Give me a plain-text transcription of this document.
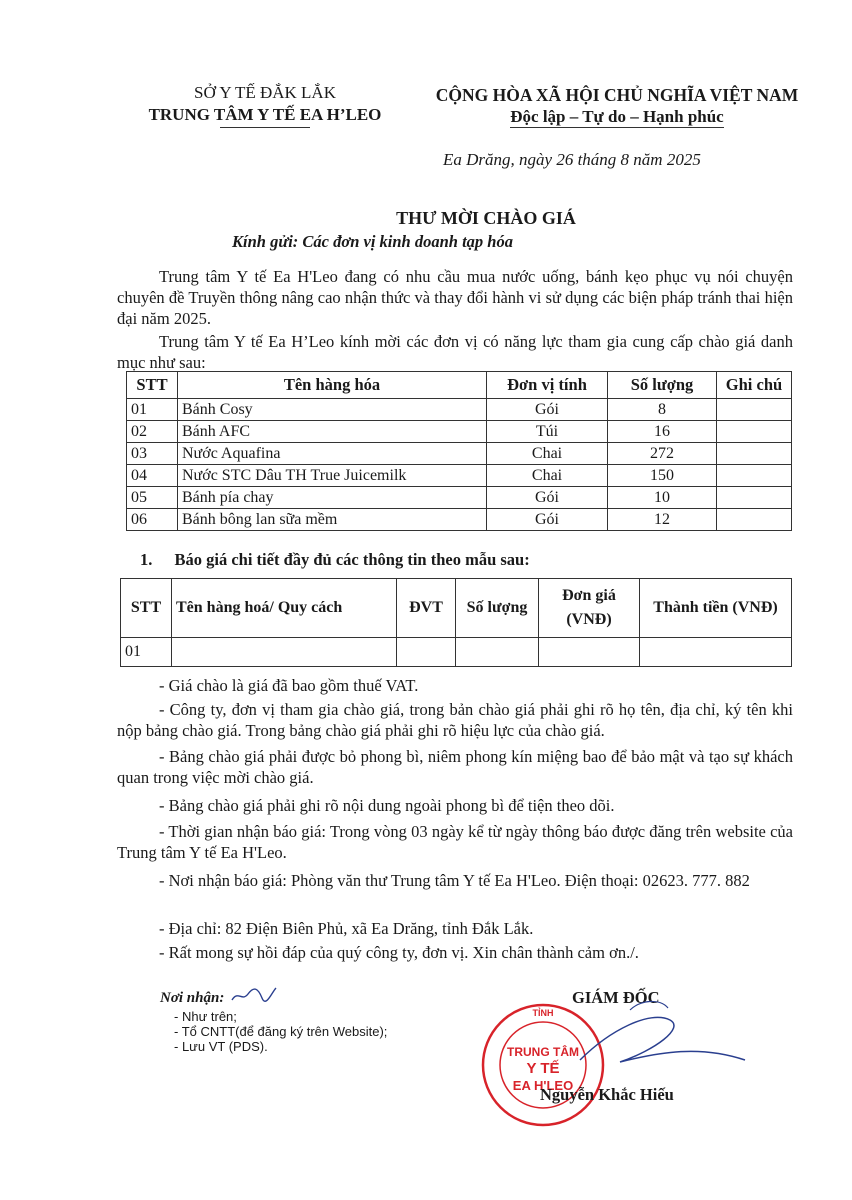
SỞ Y TẾ ĐẮK LẮK
TRUNG TÂM Y TẾ EA H’LEO
CỘNG HÒA XÃ HỘI CHỦ NGHĨA VIỆT NAM
Độc lập – Tự do – Hạnh phúc
Ea Drăng, ngày 26 tháng 8 năm 2025
THƯ MỜI CHÀO GIÁ
Kính gửi: Các đơn vị kinh doanh tạp hóa
Trung tâm Y tế Ea H'Leo đang có nhu cầu mua nước uống, bánh kẹo phục vụ nói chuyện chuyên đề Truyền thông nâng cao nhận thức và thay đổi hành vi sử dụng các biện pháp tránh thai hiện đại năm 2025.
Trung tâm Y tế Ea H’Leo kính mời các đơn vị có năng lực tham gia cung cấp chào giá danh mục như sau:
STT	Tên hàng hóa	Đơn vị tính	Số lượng	Ghi chú
01	Bánh Cosy	Gói	8	
02	Bánh AFC	Túi	16	
03	Nước Aquafina	Chai	272	
04	Nước STC Dâu TH True Juicemilk	Chai	150	
05	Bánh pía chay	Gói	10	
06	Bánh bông lan sữa mềm	Gói	12	
1. Báo giá chi tiết đầy đủ các thông tin theo mẫu sau:
STT	Tên hàng hoá/ Quy cách	ĐVT	Số lượng	Đơn giá (VNĐ)	Thành tiền (VNĐ)
01					
- Giá chào là giá đã bao gồm thuế VAT.
- Công ty, đơn vị tham gia chào giá, trong bản chào giá phải ghi rõ họ tên, địa chỉ, ký tên khi nộp bảng chào giá. Trong bảng chào giá phải ghi rõ hiệu lực của chào giá.
- Bảng chào giá phải được bỏ phong bì, niêm phong kín miệng bao để bảo mật và tạo sự khách quan trong việc mời chào giá.
- Bảng chào giá phải ghi rõ nội dung ngoài phong bì để tiện theo dõi.
- Thời gian nhận báo giá: Trong vòng 03 ngày kể từ ngày thông báo được đăng trên website của Trung tâm Y tế Ea H'Leo.
- Nơi nhận báo giá: Phòng văn thư Trung tâm Y tế Ea H'Leo. Điện thoại: 02623. 777. 882
- Địa chỉ: 82 Điện Biên Phủ, xã Ea Drăng, tỉnh Đắk Lắk.
- Rất mong sự hồi đáp của quý công ty, đơn vị. Xin chân thành cảm ơn./.
Nơi nhận:
- Như trên;
- Tổ CNTT(để đăng ký trên Website);
- Lưu VT (PDS).
GIÁM ĐỐC
TRUNG TÂM
Y TẾ
EA H'LEO
TỈNH
Nguyễn Khắc Hiếu
